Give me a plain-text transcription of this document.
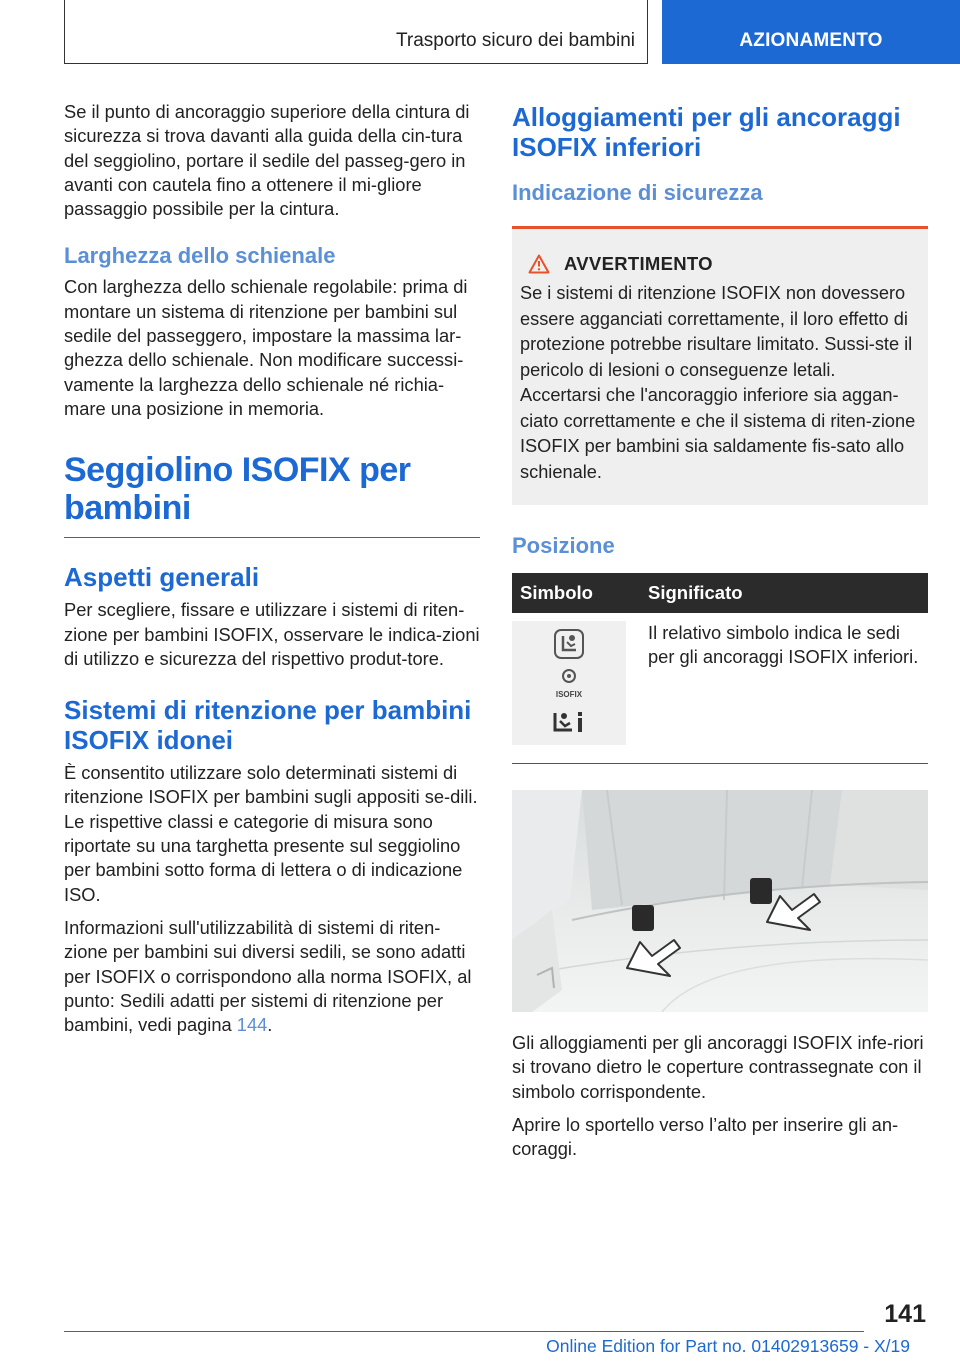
Trasporto sicuro dei bambini	AZIONAMENTO

Se il punto di ancoraggio superiore della cintura di sicurezza si trova davanti alla guida della cin-tura del seggiolino, portare il sedile del passeg-gero in avanti con cautela fino a ottenere il mi-gliore passaggio possibile per la cintura.

Larghezza dello schienale

Con larghezza dello schienale regolabile: prima di montare un sistema di ritenzione per bambini sul sedile del passeggero, impostare la massima lar-ghezza dello schienale. Non modificare successi-vamente la larghezza dello schienale né richia-mare una posizione in memoria.

Seggiolino ISOFIX per bambini
Aspetti generali

Per scegliere, fissare e utilizzare i sistemi di riten-zione per bambini ISOFIX, osservare le indica-zioni di utilizzo e sicurezza del rispettivo produt-tore.

Sistemi di ritenzione per bambini ISOFIX idonei

È consentito utilizzare solo determinati sistemi di ritenzione ISOFIX per bambini sugli appositi se-dili. Le rispettive classi e categorie di misura sono riportate su una targhetta presente sul seggiolino per bambini sotto forma di lettera o di indicazione ISO.

Informazioni sull'utilizzabilità di sistemi di riten-zione per bambini sui diversi sedili, se sono adatti per ISOFIX o corrispondono alla norma ISOFIX, al punto: Sedili adatti per sistemi di ritenzione per bambini, vedi pagina 144.

Alloggiamenti per gli ancoraggi ISOFIX inferiori
Indicazione di sicurezza
AVVERTIMENTO

Se i sistemi di ritenzione ISOFIX non dovessero essere agganciati correttamente, il loro effetto di protezione potrebbe risultare limitato. Sussi-ste il pericolo di lesioni o conseguenze letali.

Accertarsi che l'ancoraggio inferiore sia aggan-ciato correttamente e che il sistema di riten-zione ISOFIX per bambini sia saldamente fis-sato allo schienale.

Posizione
Simbolo	Significato

ISOFIX	Il relativo simbolo indica le sedi per gli ancoraggi ISOFIX inferiori.

Gli alloggiamenti per gli ancoraggi ISOFIX infe-riori si trovano dietro le coperture contrassegnate con il simbolo corrispondente.

Aprire lo sportello verso l’alto per inserire gli an-coraggi.

141
Online Edition for Part no. 01402913659 - X/19
